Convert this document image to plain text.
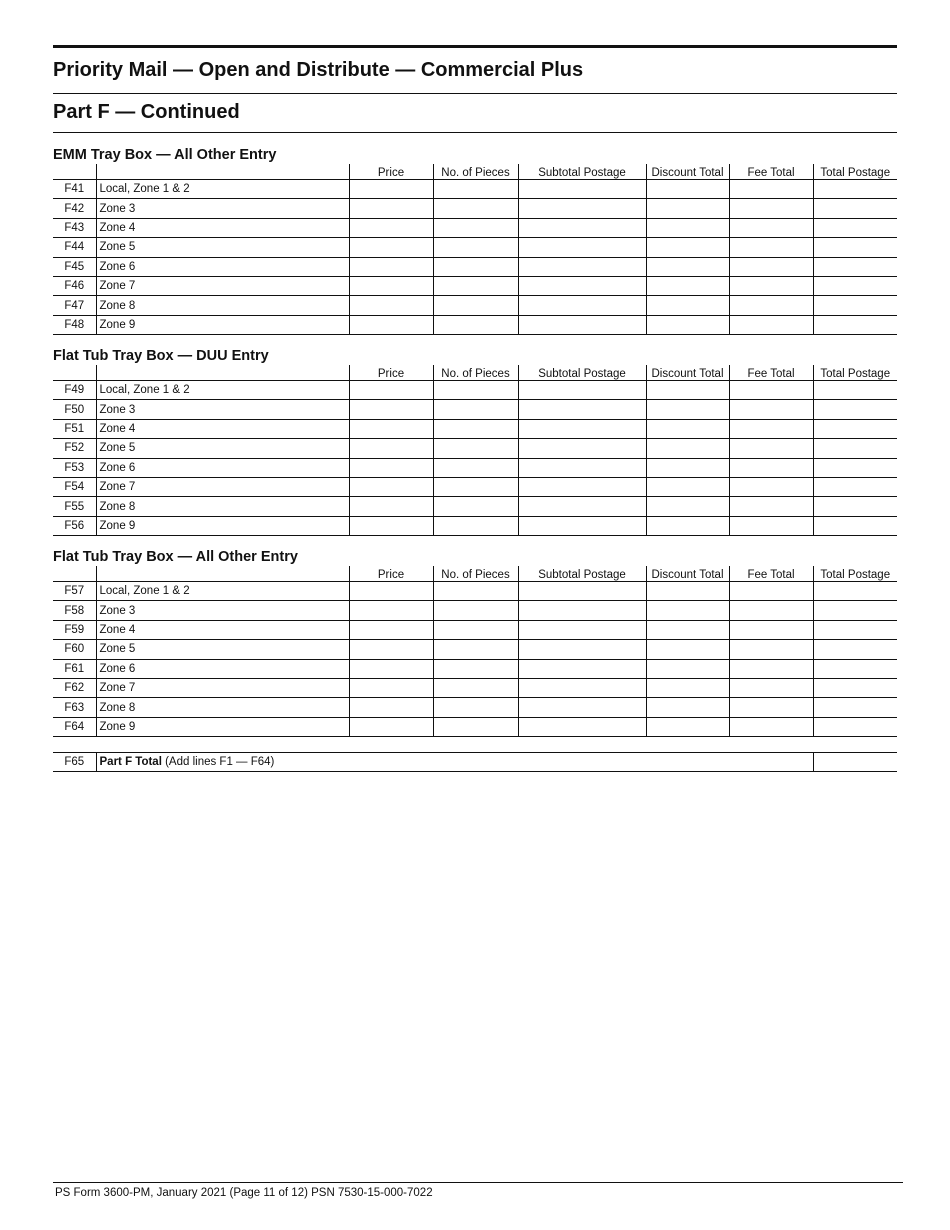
Priority Mail — Open and Distribute — Commercial Plus
Part F — Continued
EMM Tray Box — All Other Entry
		Price	No. of Pieces	Subtotal Postage	Discount Total	Fee Total	Total Postage
F41	Local, Zone 1 & 2						
F42	Zone 3						
F43	Zone 4						
F44	Zone 5						
F45	Zone 6						
F46	Zone 7						
F47	Zone 8						
F48	Zone 9						
Flat Tub Tray Box — DUU Entry
		Price	No. of Pieces	Subtotal Postage	Discount Total	Fee Total	Total Postage
F49	Local, Zone 1 & 2						
F50	Zone 3						
F51	Zone 4						
F52	Zone 5						
F53	Zone 6						
F54	Zone 7						
F55	Zone 8						
F56	Zone 9						
Flat Tub Tray Box — All Other Entry
		Price	No. of Pieces	Subtotal Postage	Discount Total	Fee Total	Total Postage
F57	Local, Zone 1 & 2						
F58	Zone 3						
F59	Zone 4						
F60	Zone 5						
F61	Zone 6						
F62	Zone 7						
F63	Zone 8						
F64	Zone 9						
F65	Part F Total (Add lines F1 — F64)	
PS Form 3600-PM, January 2021 (Page 11 of 12) PSN 7530-15-000-7022
